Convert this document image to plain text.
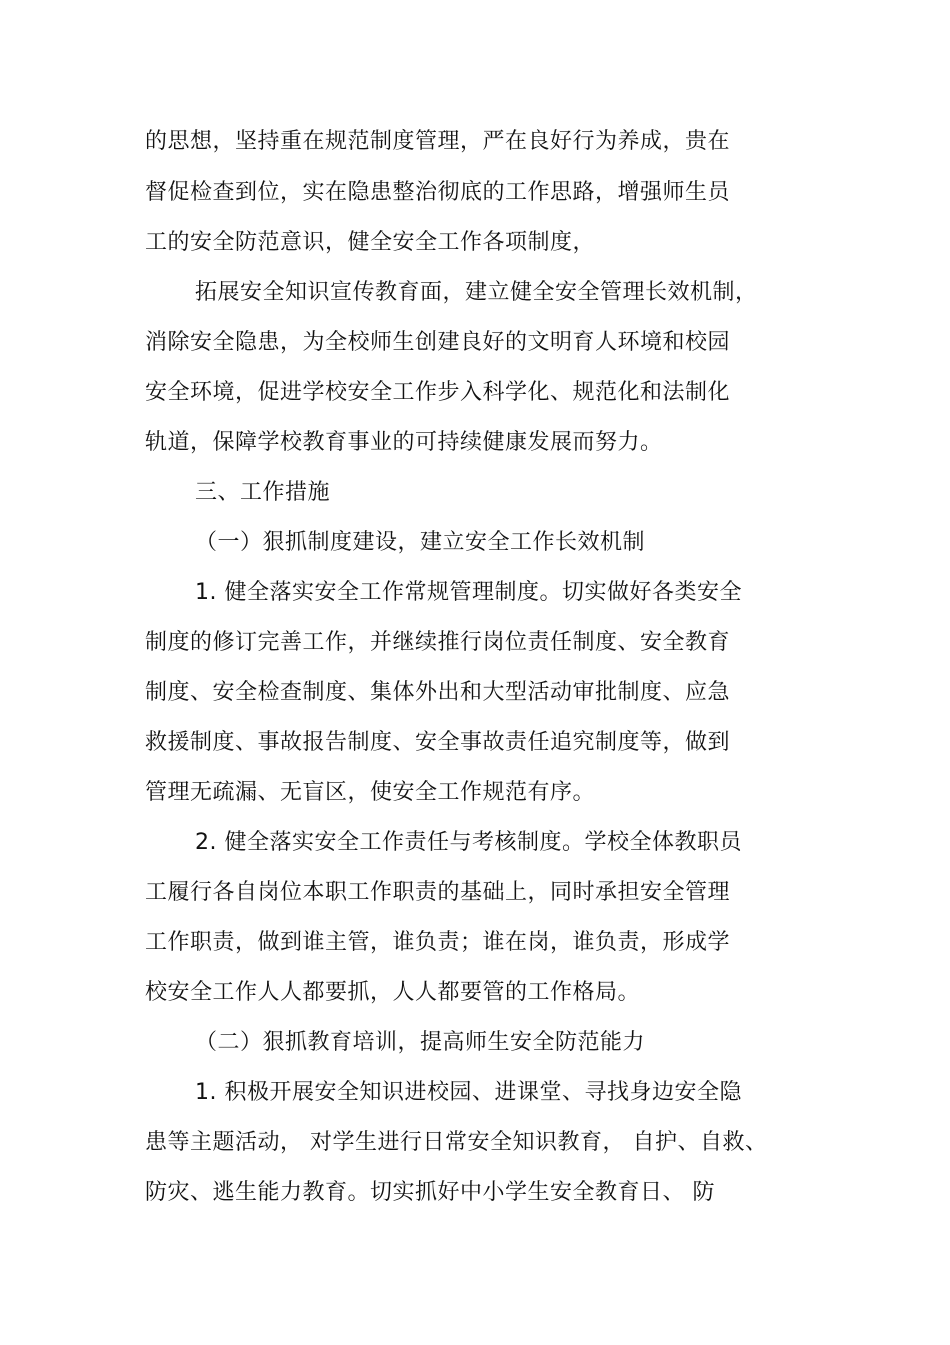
的思想，坚持重在规范制度管理，严在良好行为养成，贵在
督促检查到位，实在隐患整治彻底的工作思路，增强师生员
工的安全防范意识，健全安全工作各项制度，
拓展安全知识宣传教育面，建立健全安全管理长效机制，
消除安全隐患，为全校师生创建良好的文明育人环境和校园
安全环境，促进学校安全工作步入科学化、规范化和法制化
轨道，保障学校教育事业的可持续健康发展而努力。
三、工作措施
（一）狠抓制度建设，建立安全工作长效机制
1. 健全落实安全工作常规管理制度。切实做好各类安全
制度的修订完善工作，并继续推行岗位责任制度、安全教育
制度、安全检查制度、集体外出和大型活动审批制度、应急
救援制度、事故报告制度、安全事故责任追究制度等，做到
管理无疏漏、无盲区，使安全工作规范有序。
2. 健全落实安全工作责任与考核制度。学校全体教职员
工履行各自岗位本职工作职责的基础上，同时承担安全管理
工作职责，做到谁主管，谁负责；谁在岗，谁负责，形成学
校安全工作人人都要抓，人人都要管的工作格局。
（二）狠抓教育培训，提高师生安全防范能力
1. 积极开展安全知识进校园、进课堂、寻找身边安全隐
患等主题活动， 对学生进行日常安全知识教育， 自护、自救、
防灾、逃生能力教育。切实抓好中小学生安全教育日、 防
